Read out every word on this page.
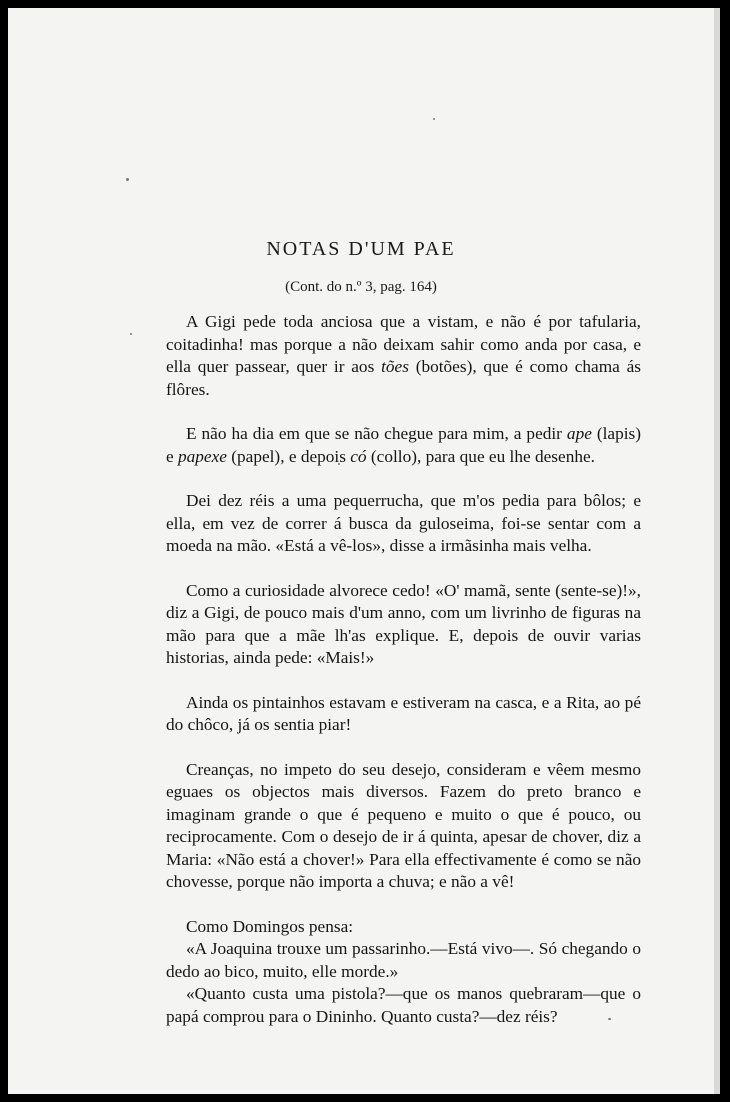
NOTAS D'UM PAE
(Cont. do n.º 3, pag. 164)

A Gigi pede toda anciosa que a vistam, e não é por tafularia, coitadinha! mas porque a não deixam sahir como anda por casa, e ella quer passear, quer ir aos tões (botões), que é como chama ás flôres.

E não ha dia em que se não chegue para mim, a pedir ape (lapis) e papexe (papel), e depois có (collo), para que eu lhe desenhe.

Dei dez réis a uma pequerrucha, que m'os pedia para bôlos; e ella, em vez de correr á busca da guloseima, foi-se sentar com a moeda na mão. «Está a vê-los», disse a irmãsinha mais velha.

Como a curiosidade alvorece cedo! «O' mamã, sente (sente-se)!», diz a Gigi, de pouco mais d'um anno, com um livrinho de figuras na mão para que a mãe lh'as explique. E, depois de ouvir varias historias, ainda pede: «Mais!»

Ainda os pintainhos estavam e estiveram na casca, e a Rita, ao pé do chôco, já os sentia piar!

Creanças, no impeto do seu desejo, consideram e vêem mesmo eguaes os objectos mais diversos. Fazem do preto branco e imaginam grande o que é pequeno e muito o que é pouco, ou reciprocamente. Com o desejo de ir á quinta, apesar de chover, diz a Maria: «Não está a chover!» Para ella effectivamente é como se não chovesse, porque não importa a chuva; e não a vê!

Como Domingos pensa:

«A Joaquina trouxe um passarinho.—Está vivo—. Só chegando o dedo ao bico, muito, elle morde.»

«Quanto custa uma pistola?—que os manos quebraram—que o papá comprou para o Dininho. Quanto custa?—dez réis?
